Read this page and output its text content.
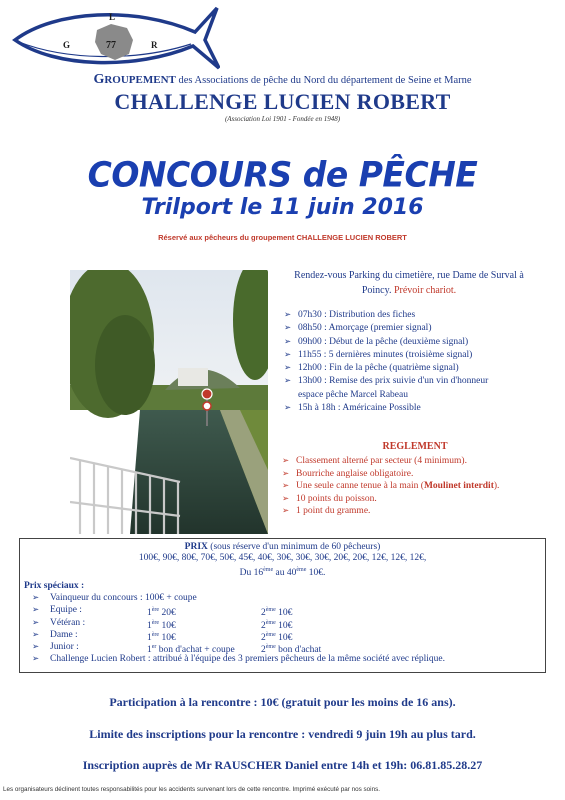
G
L
R
77
GROUPEMENT des Associations de pêche du Nord du département de Seine et Marne
CHALLENGE LUCIEN ROBERT
(Association Loi 1901 - Fondée en 1948)
CONCOURS de PÊCHE
Trilport le 11 juin 2016
Réservé aux pêcheurs du groupement CHALLENGE LUCIEN ROBERT
Rendez-vous Parking du cimetière, rue Dame de Surval à
Poincy. Prévoir chariot.
➢ 07h30 : Distribution des fiches
➢ 08h50 : Amorçage (premier signal)
➢ 09h00 : Début de la pêche (deuxième signal)
➢ 11h55 : 5 dernières minutes (troisième signal)
➢ 12h00 : Fin de la pêche (quatrième signal)
➢ 13h00 : Remise des prix suivie d'un vin d'honneur
espace pêche Marcel Rabeau
➢ 15h à 18h : Américaine Possible
REGLEMENT
➢ Classement alterné par secteur (4 minimum).
➢ Bourriche anglaise obligatoire.
➢ Une seule canne tenue à la main (Moulinet interdit).
➢ 10 points du poisson.
➢ 1 point du gramme.
PRIX (sous réserve d'un minimum de 60 pêcheurs)
100€, 90€, 80€, 70€, 50€, 45€, 40€, 30€, 30€, 30€, 20€, 20€, 12€, 12€, 12€,
Du 16ème au 40ème 10€.
Prix spéciaux :
➢ Vainqueur du concours : 100€ + coupe
➢ Equipe :	1ère 20€	2ème 10€
➢ Vétéran :	1ère 10€	2ème 10€
➢ Dame :	1ère 10€	2ème 10€
➢ Junior :	1er bon d'achat + coupe	2ème bon d'achat
➢ Challenge Lucien Robert : attribué à l'équipe des 3 premiers pêcheurs de la même société avec réplique.
Participation à la rencontre : 10€ (gratuit pour les moins de 16 ans).
Limite des inscriptions pour la rencontre : vendredi 9 juin 19h au plus tard.
Inscription auprès de Mr RAUSCHER Daniel entre 14h et 19h: 06.81.85.28.27
Les organisateurs déclinent toutes responsabilités pour les accidents survenant lors de cette rencontre. Imprimé exécuté par nos soins.
